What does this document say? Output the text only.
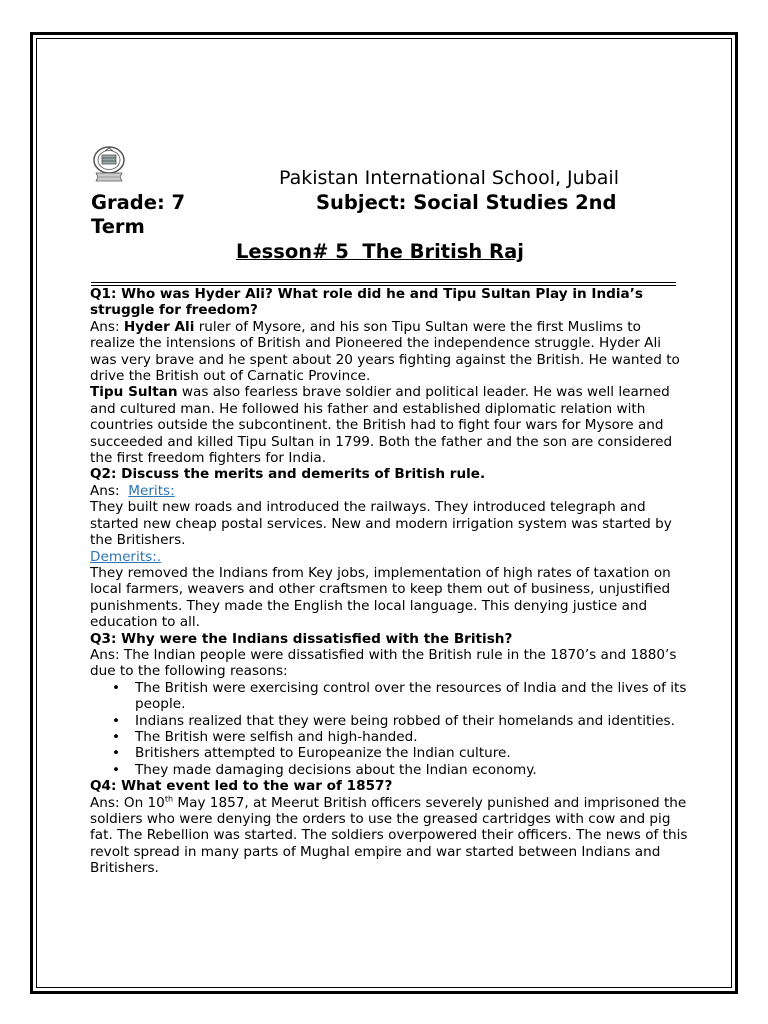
Pakistan International School, Jubail
Grade: 7	Subject: Social Studies 2nd
Term
Lesson# 5  The British Raj

Q1: Who was Hyder Ali? What role did he and Tipu Sultan Play in India’s struggle for freedom?

Ans: Hyder Ali ruler of Mysore, and his son Tipu Sultan were the first Muslims to realize the intensions of British and Pioneered the independence struggle. Hyder Ali was very brave and he spent about 20 years fighting against the British. He wanted to drive the British out of Carnatic Province.

Tipu Sultan was also fearless brave soldier and political leader. He was well learned and cultured man. He followed his father and established diplomatic relation with countries outside the subcontinent. the British had to fight four wars for Mysore and succeeded and killed Tipu Sultan in 1799. Both the father and the son are considered the first freedom fighters for India.

Q2: Discuss the merits and demerits of British rule.

Ans:  Merits:

They built new roads and introduced the railways. They introduced telegraph and started new cheap postal services. New and modern irrigation system was started by the Britishers.

Demerits:.

They removed the Indians from Key jobs, implementation of high rates of taxation on local farmers, weavers and other craftsmen to keep them out of business, unjustified punishments. They made the English the local language. This denying justice and education to all.

Q3: Why were the Indians dissatisfied with the British?

Ans: The Indian people were dissatisfied with the British rule in the 1870’s and 1880’s due to the following reasons:

• The British were exercising control over the resources of India and the lives of its people.
• Indians realized that they were being robbed of their homelands and identities.
• The British were selfish and high-handed.
• Britishers attempted to Europeanize the Indian culture.
• They made damaging decisions about the Indian economy.

Q4: What event led to the war of 1857?

Ans: On 10th May 1857, at Meerut British officers severely punished and imprisoned the soldiers who were denying the orders to use the greased cartridges with cow and pig fat. The Rebellion was started. The soldiers overpowered their officers. The news of this revolt spread in many parts of Mughal empire and war started between Indians and Britishers.
